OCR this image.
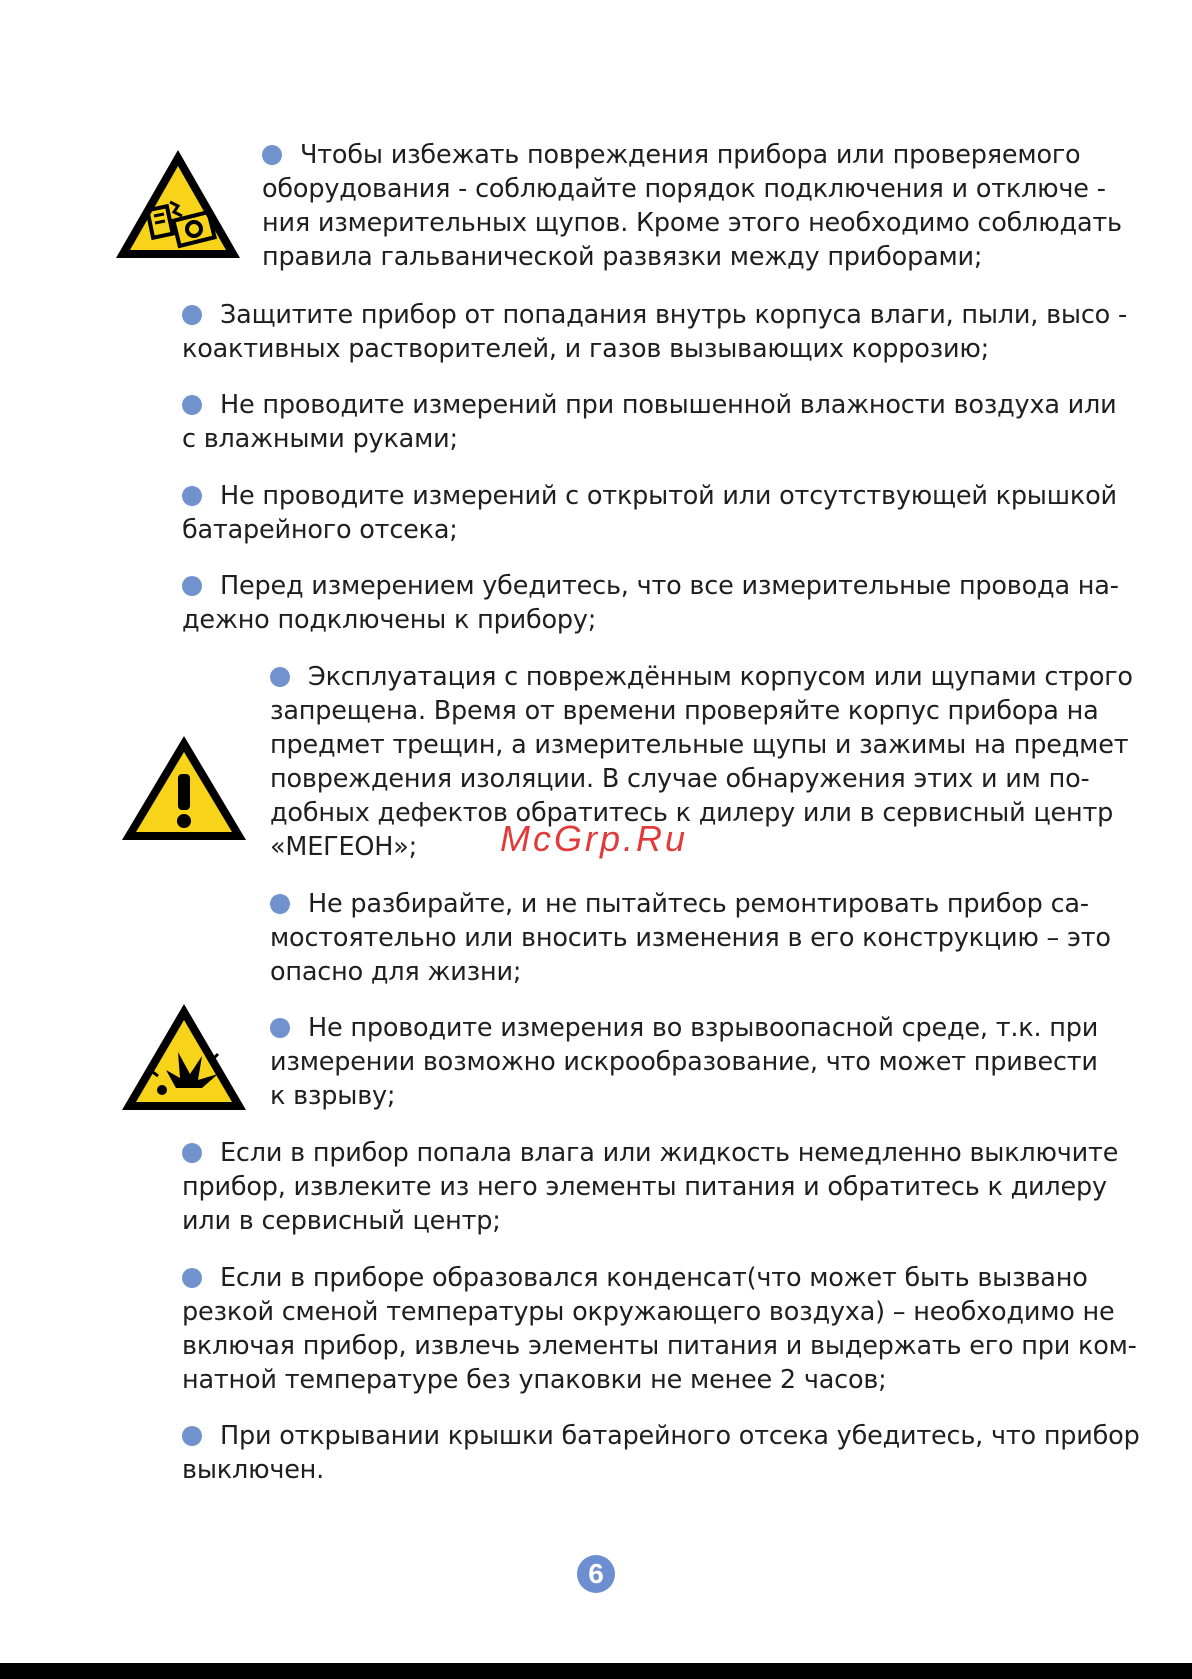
Чтобы избежать повреждения прибора или проверяемого
оборудования - соблюдайте порядок подключения и отключе -
ния измерительных щупов. Кроме этого необходимо соблюдать
правила гальванической развязки между приборами;
Защитите прибор от попадания внутрь корпуса влаги, пыли, высо -
коактивных растворителей, и газов вызывающих коррозию;
Не проводите измерений при повышенной влажности воздуха или
с влажными руками;
Не проводите измерений с открытой или отсутствующей крышкой
батарейного отсека;
Перед измерением убедитесь, что все измерительные провода на-
дежно подключены к прибору;
Эксплуатация с повреждённым корпусом или щупами строго
запрещена. Время от времени проверяйте корпус прибора на
предмет трещин, а измерительные щупы и зажимы на предмет
повреждения изоляции. В случае обнаружения этих и им по-
добных дефектов обратитесь к дилеру или в сервисный центр
«МЕГЕОН»;	McGrp.Ru
Не разбирайте, и не пытайтесь ремонтировать прибор са-
мостоятельно или вносить изменения в его конструкцию – это
опасно для жизни;
Не проводите измерения во взрывоопасной среде, т.к. при
измерении возможно искрообразование, что может привести
к взрыву;
Если в прибор попала влага или жидкость немедленно выключите
прибор, извлеките из него элементы питания и обратитесь к дилеру
или в сервисный центр;
Если в приборе образовался конденсат(что может быть вызвано
резкой сменой температуры окружающего воздуха) – необходимо не
включая прибор, извлечь элементы питания и выдержать его при ком-
натной температуре без упаковки не менее 2 часов;
При открывании крышки батарейного отсека убедитесь, что прибор
выключен.
6
